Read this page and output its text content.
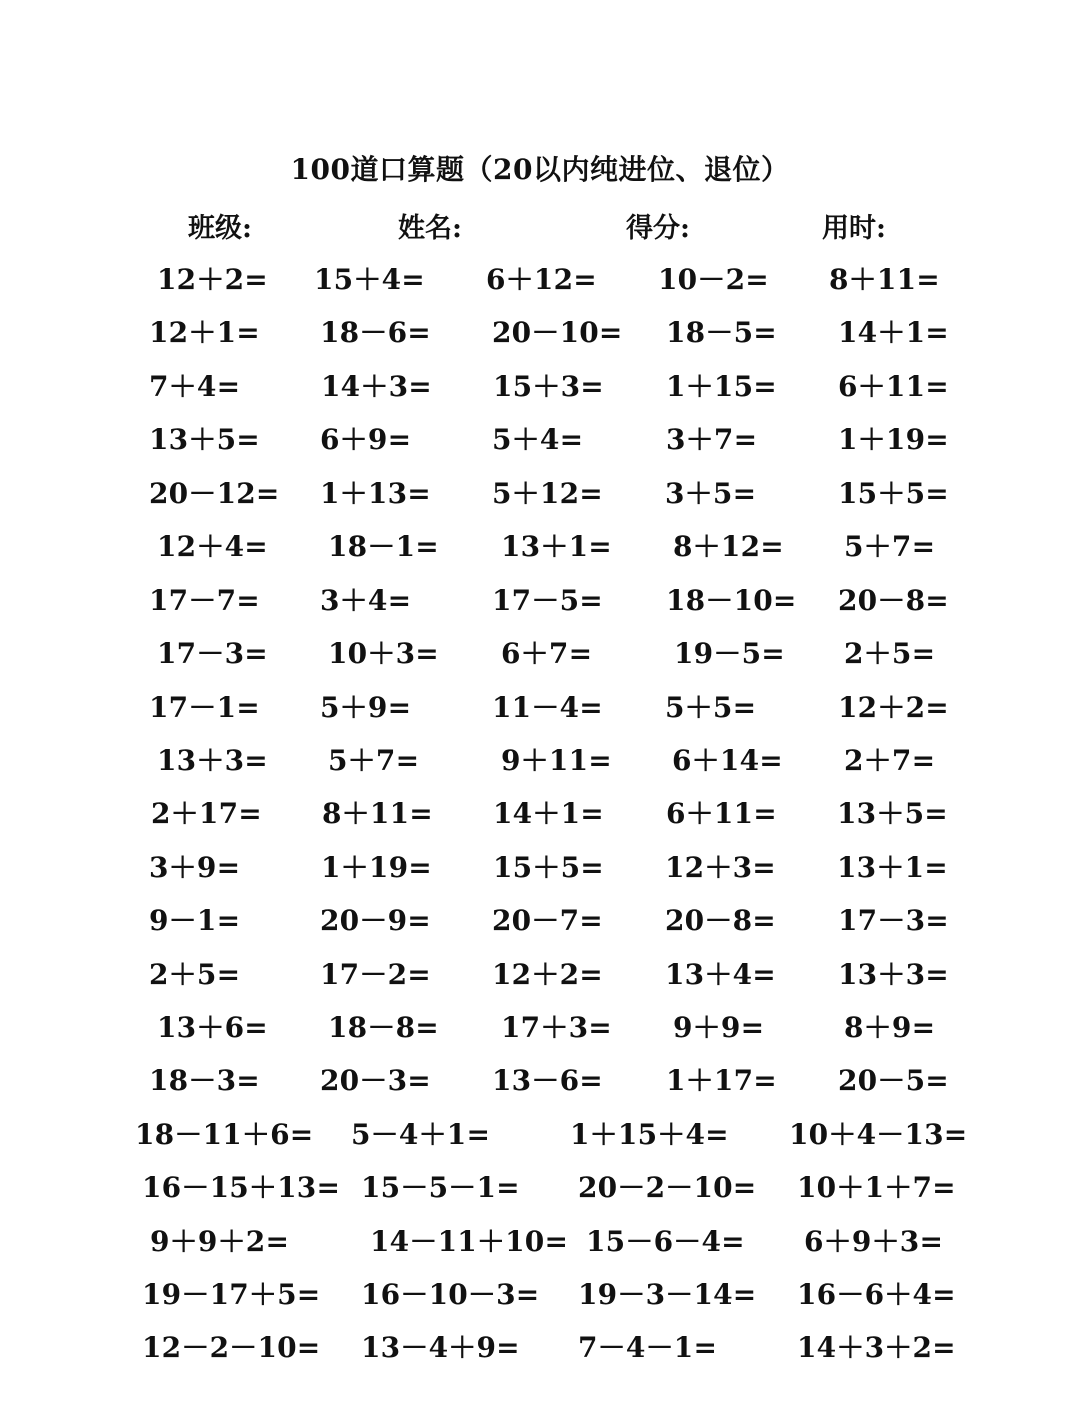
100道口算题（20以内纯进位、退位）
班级:	姓名:	得分:	用时:
12＋2= 15＋4= 6＋12= 10－2= 8＋11=
12＋1= 18－6= 20－10= 18－5= 14＋1=
7＋4=	14＋3= 15＋3= 1＋15= 6＋11=
13＋5= 6＋9=	5＋4=	3＋7=	1＋19=
20－12= 1＋13= 5＋12= 3＋5=	15＋5=
12＋4= 18－1= 13＋1= 8＋12= 5＋7=
17－7= 3＋4=	17－5= 18－10= 20－8=
17－3= 10＋3= 6＋7=	19－5= 2＋5=
17－1= 5＋9=	11－4= 5＋5=	12＋2=
13＋3= 5＋7=	9＋11= 6＋14= 2＋7=
2＋17= 8＋11= 14＋1= 6＋11= 13＋5=
3＋9=	1＋19= 15＋5= 12＋3= 13＋1=
9－1=	20－9= 20－7= 20－8= 17－3=
2＋5=	17－2= 12＋2= 13＋4= 13＋3=
13＋6= 18－8= 17＋3= 9＋9=	8＋9=
18－3= 20－3= 13－6= 1＋17= 20－5=
18－11＋6= 5－4＋1=	1＋15＋4= 10＋4－13=
16－15＋13= 15－5－1= 20－2－10= 10＋1＋7=
9＋9＋2=	14－11＋10= 15－6－4= 6＋9＋3=
19－17＋5= 16－10－3= 19－3－14= 16－6＋4=
12－2－10= 13－4＋9= 7－4－1=	14＋3＋2=
